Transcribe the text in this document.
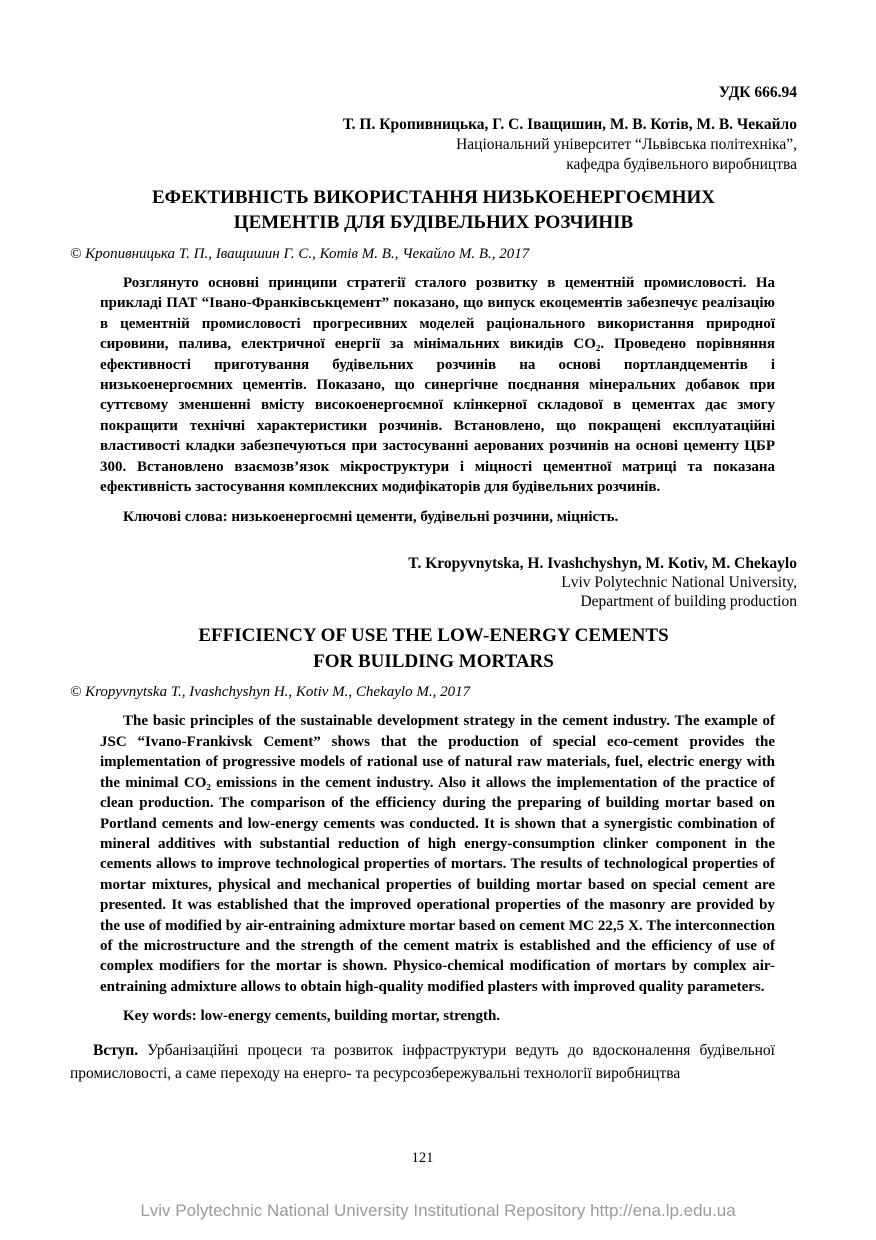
УДК 666.94
Т. П. Кропивницька, Г. С. Іващишин, М. В. Котів, М. В. Чекайло
Національний університет “Львівська політехніка”,
кафедра будівельного виробництва
ЕФЕКТИВНІСТЬ ВИКОРИСТАННЯ НИЗЬКОЕНЕРГОЄМНИХ
ЦЕМЕНТІВ ДЛЯ БУДІВЕЛЬНИХ РОЗЧИНІВ
© Кропивницька Т. П., Іващишин Г. С., Котів М. В., Чекайло М. В., 2017
Розглянуто основні принципи стратегії сталого розвитку в цементній промисловості. На прикладі ПАТ “Івано-Франківськцемент” показано, що випуск екоцементів забезпечує реалізацію в цементній промисловості прогресивних моделей раціонального використання природної сировини, палива, електричної енергії за мінімальних викидів СО₂. Проведено порівняння ефективності приготування будівельних розчинів на основі портландцементів і низькоенергоємних цементів. Показано, що синергічне поєднання мінеральних добавок при суттєвому зменшенні вмісту високоенергоємної клінкерної складової в цементах дає змогу покращити технічні характеристики розчинів. Встановлено, що покращені експлуатаційні властивості кладки забезпечуються при застосуванні аерованих розчинів на основі цементу ЦБР 300. Встановлено взаємозв’язок мікроструктури і міцності цементної матриці та показана ефективність застосування комплексних модифікаторів для будівельних розчинів.
Ключові слова: низькоенергоємні цементи, будівельні розчини, міцність.
T. Kropyvnytska, H. Ivashchyshyn, M. Kotiv, M. Chekaylo
Lviv Polytechnic National University,
Department of building production
EFFICIENCY OF USE THE LOW-ENERGY CEMENTS
FOR BUILDING MORTARS
© Kropyvnytska T., Ivashchyshyn H., Kotiv M., Chekaylo M., 2017
The basic principles of the sustainable development strategy in the cement industry. The example of JSC “Ivano-Frankivsk Cement” shows that the production of special eco-cement provides the implementation of progressive models of rational use of natural raw materials, fuel, electric energy with the minimal CO₂ emissions in the cement industry. Also it allows the implementation of the practice of clean production. The comparison of the efficiency during the preparing of building mortar based on Portland cements and low-energy cements was conducted. It is shown that a synergistic combination of mineral additives with substantial reduction of high energy-consumption clinker component in the cements allows to improve technological properties of mortars. The results of technological properties of mortar mixtures, physical and mechanical properties of building mortar based on special cement are presented. It was established that the improved operational properties of the masonry are provided by the use of modified by air-entraining admixture mortar based on cement MC 22,5 X. The interconnection of the microstructure and the strength of the cement matrix is established and the efficiency of use of complex modifiers for the mortar is shown. Physico-chemical modification of mortars by complex air-entraining admixture allows to obtain high-quality modified plasters with improved quality parameters.
Key words: low-energy cements, building mortar, strength.

Вступ. Урбанізаційні процеси та розвиток інфраструктури ведуть до вдосконалення будівельної промисловості, а саме переходу на енерго- та ресурсозбережувальні технології виробництва

121
Lviv Polytechnic National University Institutional Repository http://ena.lp.edu.ua
